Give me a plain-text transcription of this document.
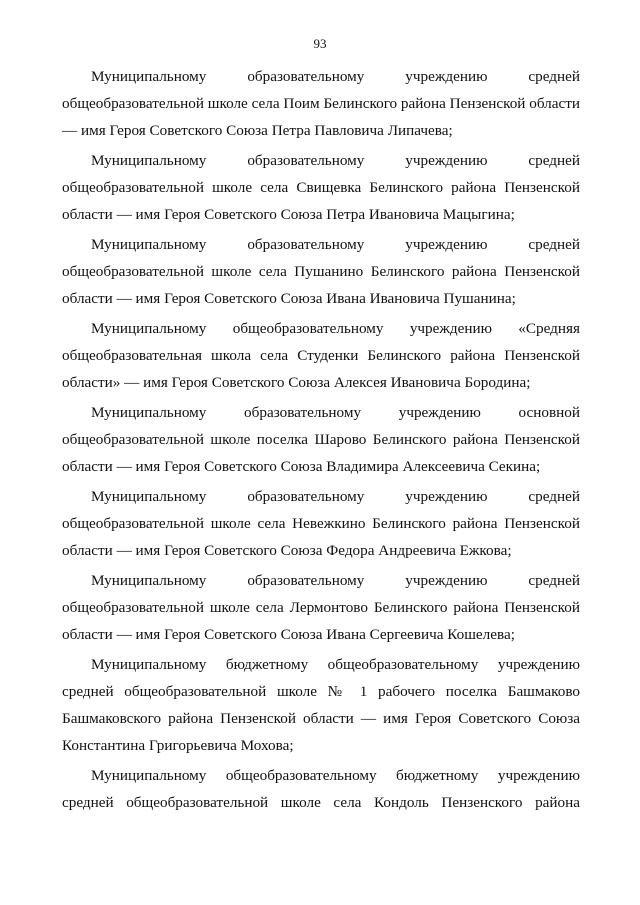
93

Муниципальному образовательному учреждению средней общеобразовательной школе села Поим Белинского района Пензенской области — имя Героя Советского Союза Петра Павловича Липачева;

Муниципальному образовательному учреждению средней общеобразовательной школе села Свищевка Белинского района Пензенской области — имя Героя Советского Союза Петра Ивановича Мацыгина;

Муниципальному образовательному учреждению средней общеобразовательной школе села Пушанино Белинского района Пензенской области — имя Героя Советского Союза Ивана Ивановича Пушанина;

Муниципальному общеобразовательному учреждению «Средняя общеобразовательная школа села Студенки Белинского района Пензенской области» — имя Героя Советского Союза Алексея Ивановича Бородина;

Муниципальному образовательному учреждению основной общеобразовательной школе поселка Шарово Белинского района Пензенской области — имя Героя Советского Союза Владимира Алексеевича Секина;

Муниципальному образовательному учреждению средней общеобразовательной школе села Невежкино Белинского района Пензенской области — имя Героя Советского Союза Федора Андреевича Ежкова;

Муниципальному образовательному учреждению средней общеобразовательной школе села Лермонтово Белинского района Пензенской области — имя Героя Советского Союза Ивана Сергеевича Кошелева;

Муниципальному бюджетному общеобразовательному учреждению средней общеобразовательной школе № 1 рабочего поселка Башмаково Башмаковского района Пензенской области — имя Героя Советского Союза Константина Григорьевича Мохова;

Муниципальному общеобразовательному бюджетному учреждению средней общеобразовательной школе села Кондоль Пензенского района
